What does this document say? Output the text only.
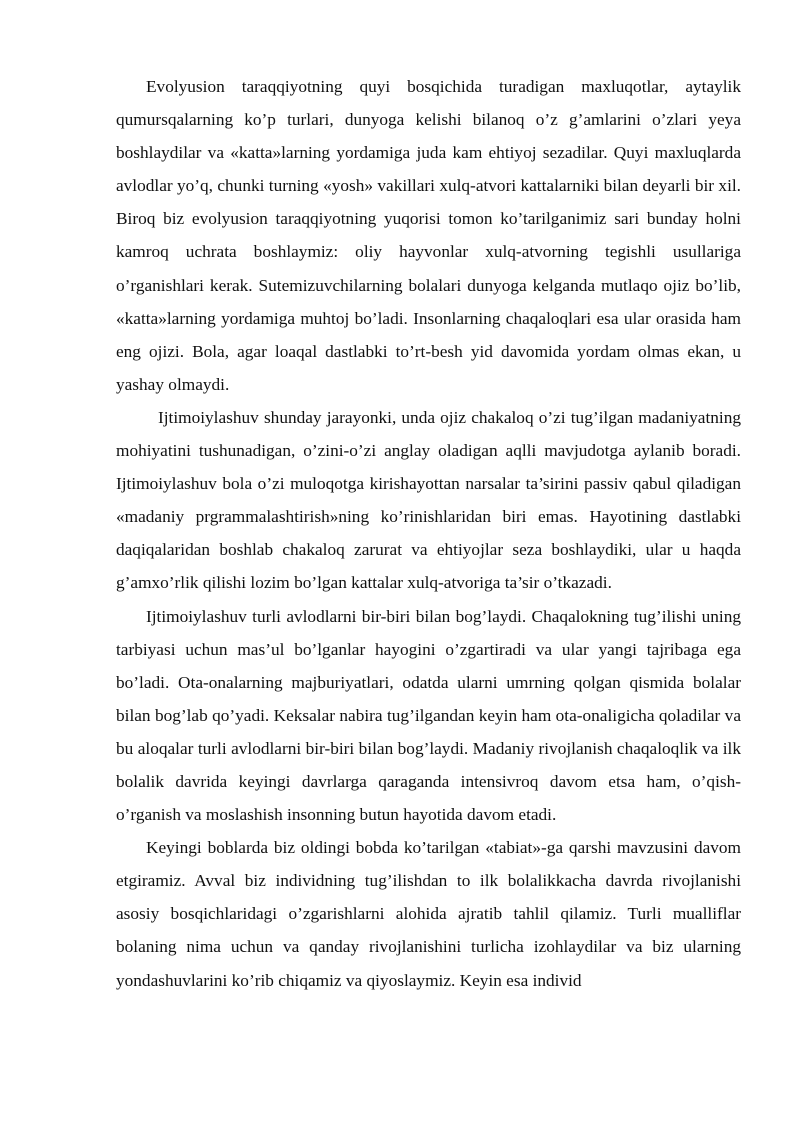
Evolyusion taraqqiyotning quyi bosqichida turadigan maxluqotlar, aytaylik qumursqalarning ko’p turlari, dunyoga kelishi bilanoq o’z g’amlarini o’zlari yeya boshlaydilar va «katta»larning yordamiga juda kam ehtiyoj sezadilar. Quyi maxluqlarda avlodlar yo’q, chunki turning «yosh» vakillari xulq-atvori kattalarniki bilan deyarli bir xil. Biroq biz evolyusion taraqqiyotning yuqorisi tomon ko’tarilganimiz sari bunday holni kamroq uchrata boshlaymiz: oliy hayvonlar xulq-atvorning tegishli usullariga o’rganishlari kerak. Sutemizuvchilarning bolalari dunyoga kelganda mutlaqo ojiz bo’lib, «katta»larning yordamiga muhtoj bo’ladi. Insonlarning chaqaloqlari esa ular orasida ham eng ojizi. Bola, agar loaqal dastlabki to’rt-besh yid davomida yordam olmas ekan, u yashay olmaydi.

Ijtimoiylashuv shunday jarayonki, unda ojiz chakaloq o’zi tug’ilgan madaniyatning mohiyatini tushunadigan, o’zini-o’zi anglay oladigan aqlli mavjudotga aylanib boradi. Ijtimoiylashuv bola o’zi muloqotga kirishayottan narsalar ta’sirini passiv qabul qiladigan «madaniy prgrammalashtirish»ning ko’rinishlaridan biri emas. Hayotining dastlabki daqiqalaridan boshlab chakaloq zarurat va ehtiyojlar seza boshlaydiki, ular u haqda g’amxo’rlik qilishi lozim bo’lgan kattalar xulq-atvoriga ta’sir o’tkazadi.

Ijtimoiylashuv turli avlodlarni bir-biri bilan bog’laydi. Chaqalokning tug’ilishi uning tarbiyasi uchun mas’ul bo’lganlar hayogini o’zgartiradi va ular yangi tajribaga ega bo’ladi. Ota-onalarning majburiyatlari, odatda ularni umrning qolgan qismida bolalar bilan bog’lab qo’yadi. Keksalar nabira tug’ilgandan keyin ham ota-onaligicha qoladilar va bu aloqalar turli avlodlarni bir-biri bilan bog’laydi. Madaniy rivojlanish chaqaloqlik va ilk bolalik davrida keyingi davrlarga qaraganda intensivroq davom etsa ham, o’qish-o’rganish va moslashish insonning butun hayotida davom etadi.

Keyingi boblarda biz oldingi bobda ko’tarilgan «tabiat»-ga qarshi mavzusini davom etgiramiz. Avval biz individning tug’ilishdan to ilk bolalikkacha davrda rivojlanishi asosiy bosqichlaridagi o’zgarishlarni alohida ajratib tahlil qilamiz. Turli mualliflar bolaning nima uchun va qanday rivojlanishini turlicha izohlaydilar va biz ularning yondashuvlarini ko’rib chiqamiz va qiyoslaymiz. Keyin esa individ
